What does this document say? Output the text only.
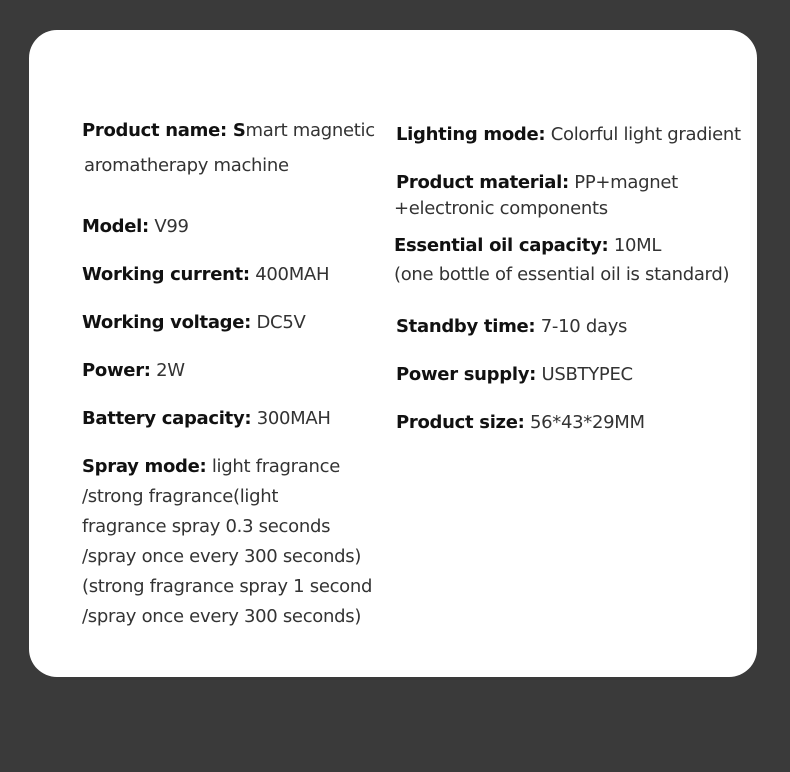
Product name: Smart magnetic
aromatherapy machine
Model: V99
Working current: 400MAH
Working voltage: DC5V
Power: 2W
Battery capacity: 300MAH
Spray mode: light fragrance
/strong fragrance(light
fragrance spray 0.3 seconds
/spray once every 300 seconds)
(strong fragrance spray 1 second
/spray once every 300 seconds)
Lighting mode: Colorful light gradient
Product material: PP+magnet
+electronic components
Essential oil capacity: 10ML
(one bottle of essential oil is standard)
Standby time: 7-10 days
Power supply: USBTYPEC
Product size: 56*43*29MM
